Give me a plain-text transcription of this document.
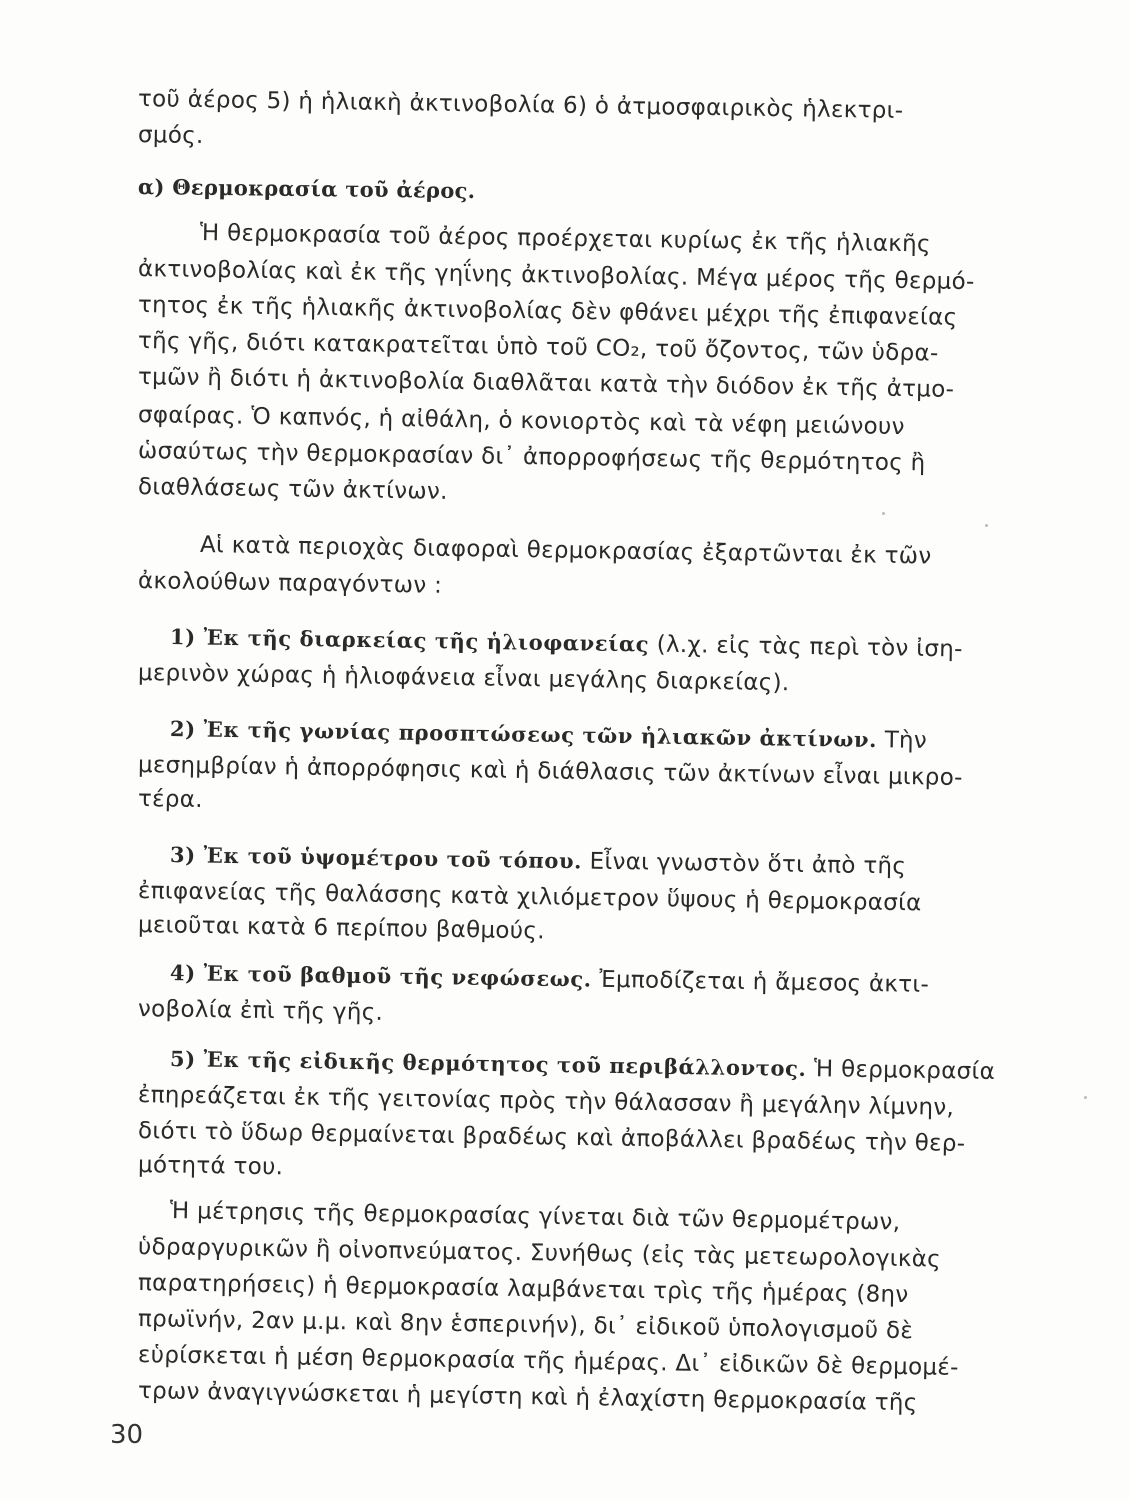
τοῦ ἀέρος 5) ἡ ἡλιακὴ ἀκτινοβολία 6) ὁ ἀτμοσφαιρικὸς ἡλεκτρι-
σμός.
α) Θερμοκρασία τοῦ ἀέρος.
Ἡ θερμοκρασία τοῦ ἀέρος προέρχεται κυρίως ἐκ τῆς ἡλιακῆς
ἀκτινοβολίας καὶ ἐκ τῆς γηΐνης ἀκτινοβολίας. Μέγα μέρος τῆς θερμό-
τητος ἐκ τῆς ἡλιακῆς ἀκτινοβολίας δὲν φθάνει μέχρι τῆς ἐπιφανείας
τῆς γῆς, διότι κατακρατεῖται ὑπὸ τοῦ CO₂, τοῦ ὄζοντος, τῶν ὑδρα-
τμῶν ἢ διότι ἡ ἀκτινοβολία διαθλᾶται κατὰ τὴν διόδον ἐκ τῆς ἀτμο-
σφαίρας. Ὁ καπνός, ἡ αἰθάλη, ὁ κονιορτὸς καὶ τὰ νέφη μειώνουν
ὡσαύτως τὴν θερμοκρασίαν δι᾽ ἀπορροφήσεως τῆς θερμότητος ἢ
διαθλάσεως τῶν ἀκτίνων.
Αἱ κατὰ περιοχὰς διαφοραὶ θερμοκρασίας ἐξαρτῶνται ἐκ τῶν
ἀκολούθων παραγόντων :
1) Ἐκ τῆς διαρκείας τῆς ἡλιοφανείας (λ.χ. εἰς τὰς περὶ τὸν ἰση-
μερινὸν χώρας ἡ ἡλιοφάνεια εἶναι μεγάλης διαρκείας).
2) Ἐκ τῆς γωνίας προσπτώσεως τῶν ἡλιακῶν ἀκτίνων. Τὴν
μεσημβρίαν ἡ ἀπορρόφησις καὶ ἡ διάθλασις τῶν ἀκτίνων εἶναι μικρο-
τέρα.
3) Ἐκ τοῦ ὑψομέτρου τοῦ τόπου. Εἶναι γνωστὸν ὅτι ἀπὸ τῆς
ἐπιφανείας τῆς θαλάσσης κατὰ χιλιόμετρον ὕψους ἡ θερμοκρασία
μειοῦται κατὰ 6 περίπου βαθμούς.
4) Ἐκ τοῦ βαθμοῦ τῆς νεφώσεως. Ἐμποδίζεται ἡ ἄμεσος ἀκτι-
νοβολία ἐπὶ τῆς γῆς.
5) Ἐκ τῆς εἰδικῆς θερμότητος τοῦ περιβάλλοντος. Ἡ θερμοκρασία
ἐπηρεάζεται ἐκ τῆς γειτονίας πρὸς τὴν θάλασσαν ἢ μεγάλην λίμνην,
διότι τὸ ὕδωρ θερμαίνεται βραδέως καὶ ἀποβάλλει βραδέως τὴν θερ-
μότητά του.
Ἡ μέτρησις τῆς θερμοκρασίας γίνεται διὰ τῶν θερμομέτρων,
ὑδραργυρικῶν ἢ οἰνοπνεύματος. Συνήθως (εἰς τὰς μετεωρολογικὰς
παρατηρήσεις) ἡ θερμοκρασία λαμβάνεται τρὶς τῆς ἡμέρας (8ην
πρωϊνήν, 2αν μ.μ. καὶ 8ην ἑσπερινήν), δι᾽ εἰδικοῦ ὑπολογισμοῦ δὲ
εὑρίσκεται ἡ μέση θερμοκρασία τῆς ἡμέρας. Δι᾽ εἰδικῶν δὲ θερμομέ-
τρων ἀναγιγνώσκεται ἡ μεγίστη καὶ ἡ ἐλαχίστη θερμοκρασία τῆς
30
